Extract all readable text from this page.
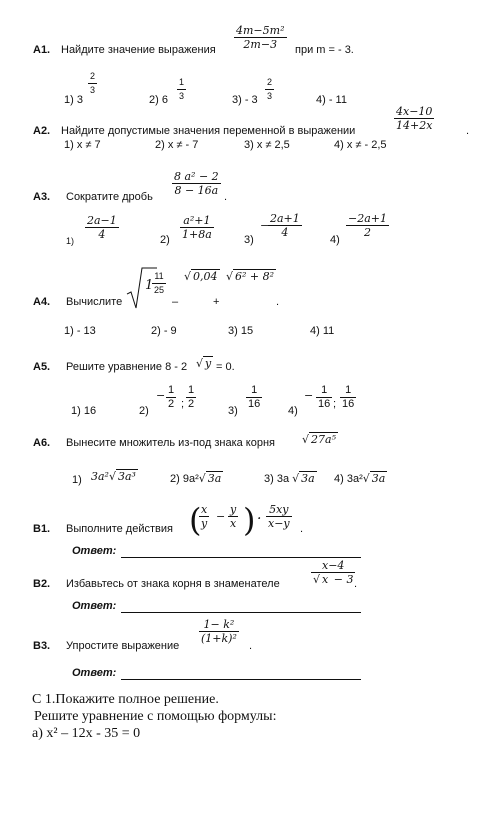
$\frac{\text{4m−5m²}}{2m-3}$
A1. Найдите значение выражения	при m = - 3.
1) 3
$\frac{2}{3}$
2) $6 \frac{1}{3}$	$3) - 3 \frac{2}{3}$	4) - 11
$\frac{4x-10}{14+2x}$
A2. Найдите допустимые значения переменной в выражении	.
1) x ≠ 7	2) x ≠ - 7	3) x ≠ 2,5	4) x ≠ - 2,5
$\frac{\text{8 a² − 2}}{8 - 16a}$
A3. Сократите дробь	.
$1) \frac{2a-1}{4}$	$2) \frac{\text{a²+1}}{1+8a}$	3)
−
$\frac{2a+1}{4}$
4)
$\frac{-2a+1}{2}$
A4. Вычислите
1
$\frac{11}{25}$
–
√ 0,04
+
√ 6² + 8²
.
1) - 13	2) - 9	3) 15	4) 11
A5. Решите уравнение 8 - 2 √ y = 0.
1) 16	2)
− $\frac{1}{2}$ ; $\frac{1}{2}$	$3) \frac{1}{16} 4$)
− $\frac{1}{16}$ ; $\frac{1}{16}$
A6. Вынесите множитель из-под знака корня √ 27a⁵
1) 3a²√ 3a³	2) 9a²√ 3a	3) 3a √ 3a 4) 3a²√ 3a
B1. Выполните действия (
$\frac{x}{y} - \frac{y}{x}$ ) · $\frac{5xy}{x-y}$ .
Ответ:
B2. Избавьтесь от знака корня в знаменателе	$\frac{x-4}{√ x - 3}$
.
Ответ:
B3. Упростите выражение
$\frac{\text{1− k²}}{\text{(1+k)²}}$
.
Ответ:
С 1.Покажите полное решение.
Решите уравнение с помощью формулы:
а) x² – 12x - 35 = 0
